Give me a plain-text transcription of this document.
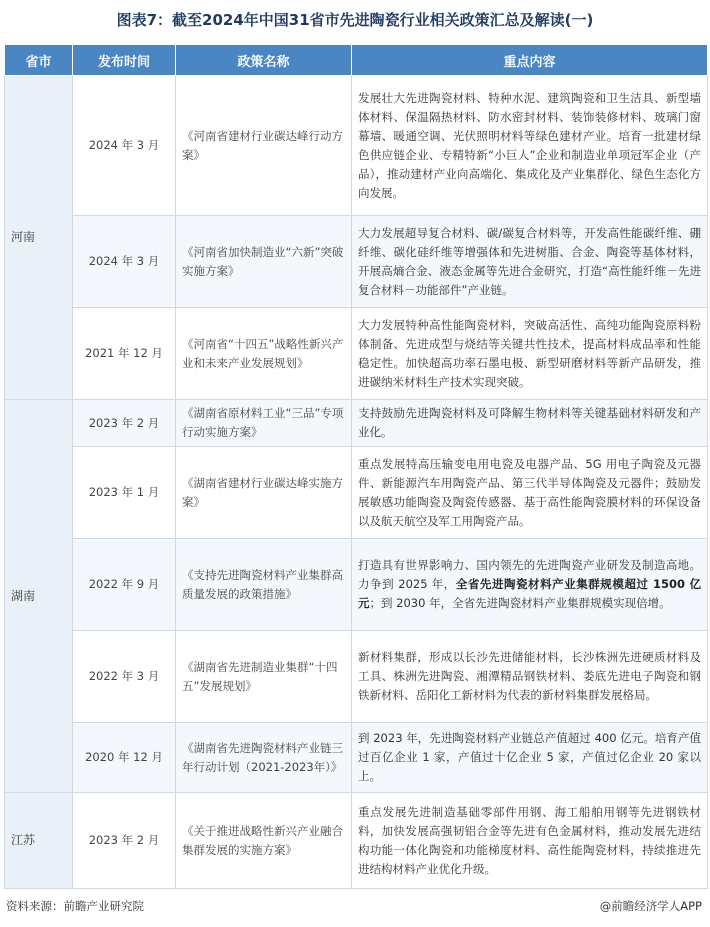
图表7：截至2024年中国31省市先进陶瓷行业相关政策汇总及解读(一)
省市	发布时间	政策名称	重点内容
河南	2024 年 3 月	《河南省建材行业碳达峰行动方案》	发展壮大先进陶瓷材料、特种水泥、建筑陶瓷和卫生洁具、新型墙体材料、保温隔热材料、防水密封材料、装饰装修材料、玻璃门窗幕墙、暖通空调、光伏照明材料等绿色建材产业。培育一批建材绿色供应链企业、专精特新“小巨人”企业和制造业单项冠军企业（产品），推动建材产业向高端化、集成化及产业集群化、绿色生态化方向发展。
	2024 年 3 月	《河南省加快制造业“六新”突破实施方案》	大力发展超导复合材料、碳/碳复合材料等，开发高性能碳纤维、硼纤维、碳化硅纤维等增强体和先进树脂、合金、陶瓷等基体材料，开展高熵合金、液态金属等先进合金研究，打造“高性能纤维－先进复合材料－功能部件”产业链。
	2021 年 12 月	《河南省“十四五”战略性新兴产业和未来产业发展规划》	大力发展特种高性能陶瓷材料，突破高活性、高纯功能陶瓷原料粉体制备、先进成型与烧结等关键共性技术，提高材料成品率和性能稳定性。加快超高功率石墨电极、新型研磨材料等新产品研发，推进碳纳米材料生产技术实现突破。
湖南	2023 年 2 月	《湖南省原材料工业“三品”专项行动实施方案》	支持鼓励先进陶瓷材料及可降解生物材料等关键基础材料研发和产业化。
	2023 年 1 月	《湖南省建材行业碳达峰实施方案》	重点发展特高压输变电用电瓷及电器产品、5G 用电子陶瓷及元器件、新能源汽车用陶瓷产品、第三代半导体陶瓷及元器件；鼓励发展敏感功能陶瓷及陶瓷传感器、基于高性能陶瓷膜材料的环保设备以及航天航空及军工用陶瓷产品。
	2022 年 9 月	《支持先进陶瓷材料产业集群高质量发展的政策措施》	打造具有世界影响力、国内领先的先进陶瓷产业研发及制造高地。力争到 2025 年，全省先进陶瓷材料产业集群规模超过 1500 亿元；到 2030 年，全省先进陶瓷材料产业集群规模实现倍增。
	2022 年 3 月	《湖南省先进制造业集群“十四五”发展规划》	新材料集群，形成以长沙先进储能材料，长沙株洲先进硬质材料及工具、株洲先进陶瓷、湘潭精品钢铁材料、娄底先进电子陶瓷和钢铁新材料、岳阳化工新材料为代表的新材料集群发展格局。
	2020 年 12 月	《湖南省先进陶瓷材料产业链三年行动计划（2021-2023年）》	到 2023 年，先进陶瓷材料产业链总产值超过 400 亿元。培育产值过百亿企业 1 家，产值过十亿企业 5 家，产值过亿企业 20 家以上。
江苏	2023 年 2 月	《关于推进战略性新兴产业融合集群发展的实施方案》	重点发展先进制造基础零部件用钢、海工船舶用钢等先进钢铁材料，加快发展高强韧铝合金等先进有色金属材料，推动发展先进结构功能一体化陶瓷和功能梯度材料、高性能陶瓷材料，持续推进先进结构材料产业优化升级。
资料来源：前瞻产业研究院	@前瞻经济学人APP
